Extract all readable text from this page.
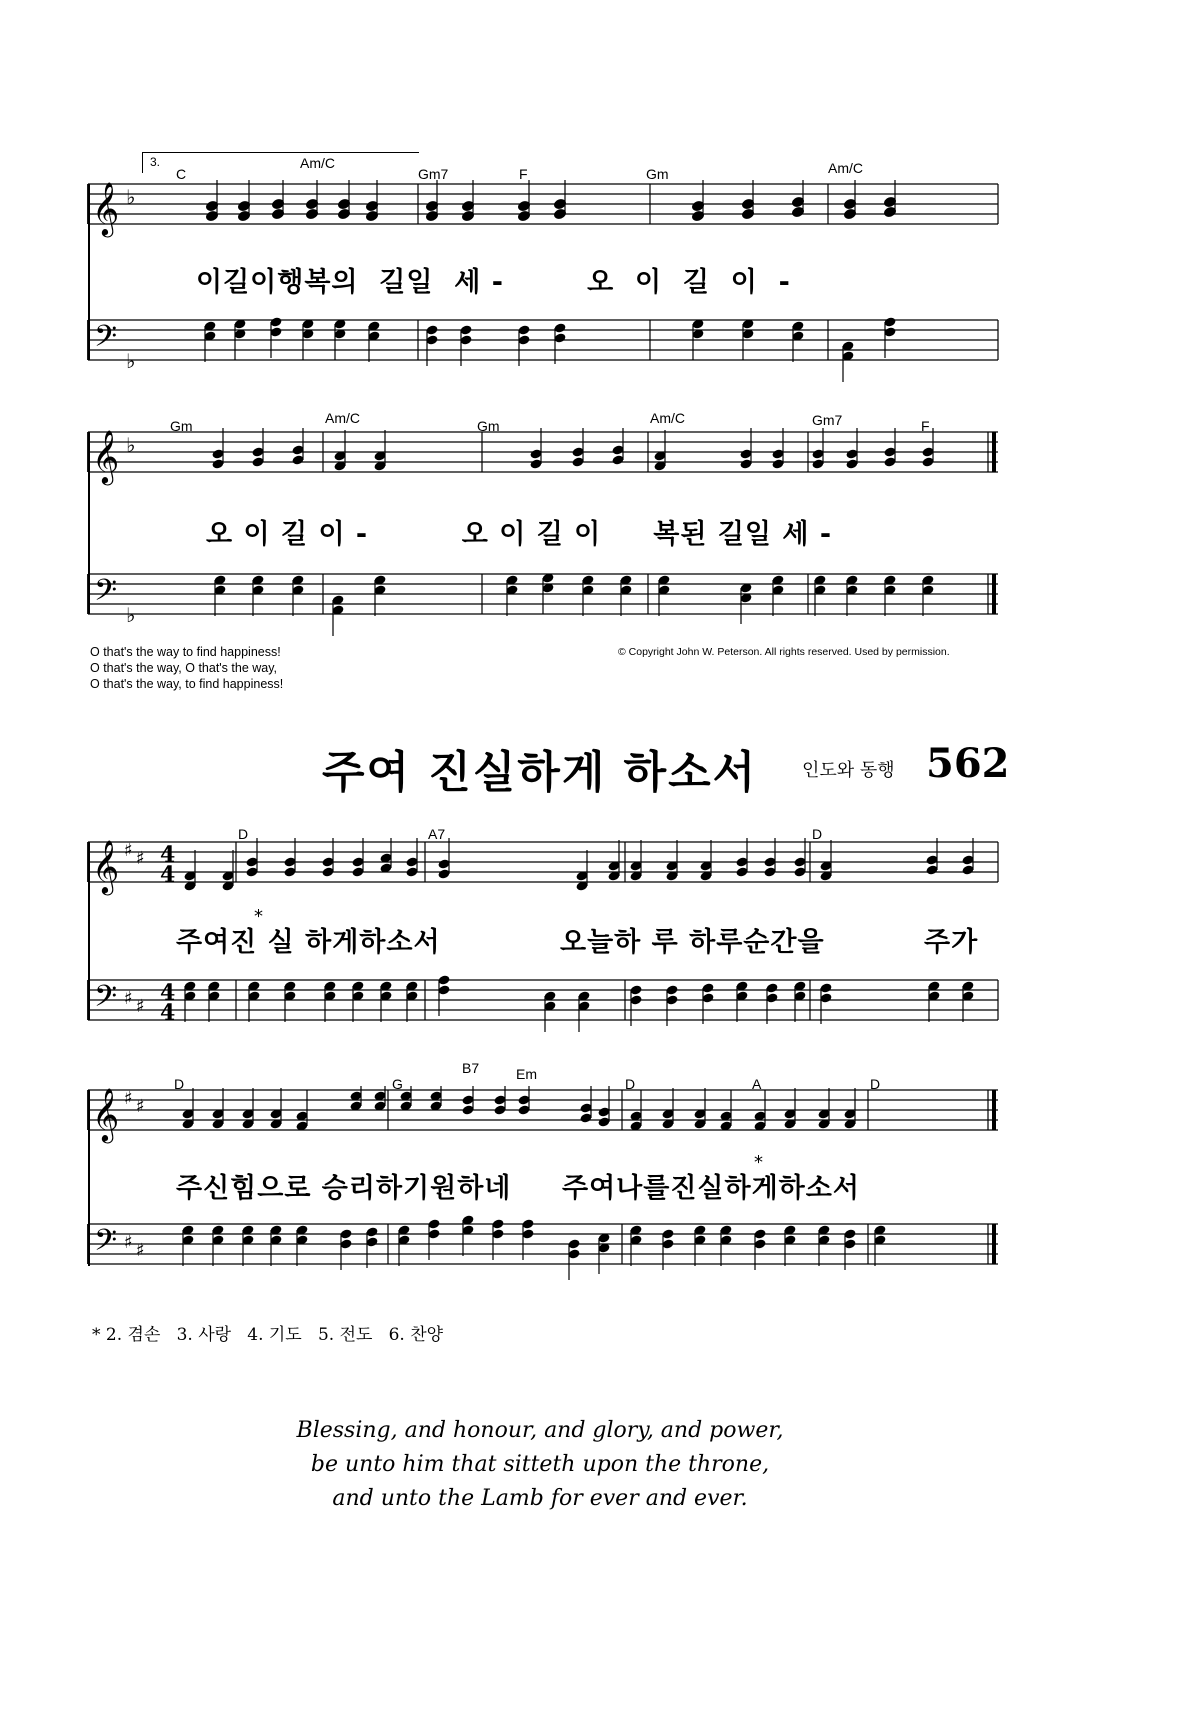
3.
C
Am/C
Gm7	F	Gm	Am/C
𝄞 ♭
이길이행복의  길일  세 -        오  이  길  이  -
𝄢 ♭
Gm	Am/C	Gm	Am/C	Gm7	F
𝄞 ♭
오 이 길 이 -         오 이 길 이     복된 길일 세 -
𝄢 ♭
O that's the way to find happiness!
O that's the way, O that's the way,
O that's the way, to find happiness!
© Copyright John W. Peterson. All rights reserved. Used by permission.
주여 진실하게 하소서 인도와 동행 562
D	A7	D
𝄞 ♯ ♯ 4
4
*
주여진 실 하게하소서	오늘하 루 하루순간을	주가
𝄢 ♯ ♯
4
4
D	G
B7	Em
D	A	D
𝄞 ♯ ♯
*
주신힘으로 승리하기원하네 주여나를진실하게하소서
𝄢 ♯ ♯
* 2. 겸손   3. 사랑   4. 기도   5. 전도   6. 찬양
Blessing, and honour, and glory, and power,
be unto him that sitteth upon the throne,
and unto the Lamb for ever and ever.
